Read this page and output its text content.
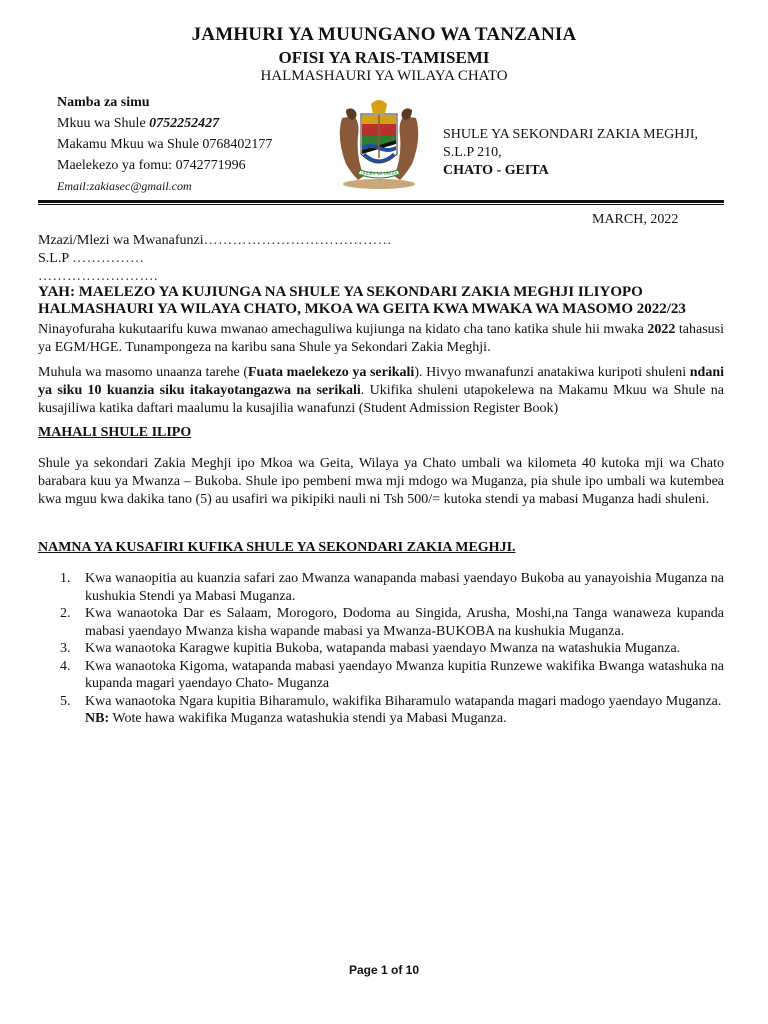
JAMHURI YA MUUNGANO WA TANZANIA
OFISI YA RAIS-TAMISEMI
HALMASHAURI YA WILAYA CHATO
Namba za simu
Mkuu wa Shule 0752252427
Makamu Mkuu wa Shule 0768402177
Maelekezo ya fomu: 0742771996
Email:zakiasec@gmail.com
UHURU NA UMOJA
SHULE YA SEKONDARI ZAKIA MEGHJI,
S.L.P 210,
CHATO - GEITA
MARCH, 2022
Mzazi/Mlezi wa Mwanafunzi…………………………………
S.L.P ……………
…………………….
YAH: MAELEZO YA KUJIUNGA NA SHULE YA SEKONDARI ZAKIA MEGHJI ILIYOPO
HALMASHAURI YA WILAYA CHATO, MKOA WA GEITA KWA MWAKA WA MASOMO 2022/23
Ninayofuraha kukutaarifu kuwa mwanao amechaguliwa kujiunga na kidato cha tano katika shule hii mwaka 2022 tahasusi ya EGM/HGE. Tunampongeza na karibu sana Shule ya Sekondari Zakia Meghji.
Muhula wa masomo unaanza tarehe (Fuata maelekezo ya serikali). Hivyo mwanafunzi anatakiwa kuripoti shuleni ndani ya siku 10 kuanzia siku itakayotangazwa na serikali. Ukifika shuleni utapokelewa na Makamu Mkuu wa Shule na kusajiliwa katika daftari maalumu la kusajilia wanafunzi (Student Admission Register Book)
MAHALI SHULE ILIPO
Shule ya sekondari Zakia Meghji ipo Mkoa wa Geita, Wilaya ya Chato umbali wa kilometa 40 kutoka mji wa Chato barabara kuu ya Mwanza – Bukoba. Shule ipo pembeni mwa mji mdogo wa Muganza, pia shule ipo umbali wa kutembea kwa mguu kwa dakika tano (5) au usafiri wa pikipiki nauli ni Tsh 500/= kutoka stendi ya mabasi Muganza hadi shuleni.
NAMNA YA KUSAFIRI KUFIKA SHULE YA SEKONDARI ZAKIA MEGHJI.
1. Kwa wanaopitia au kuanzia safari zao Mwanza wanapanda mabasi yaendayo Bukoba au yanayoishia Muganza na kushukia Stendi ya Mabasi Muganza.
2. Kwa wanaotoka Dar es Salaam, Morogoro, Dodoma au Singida, Arusha, Moshi,na Tanga wanaweza kupanda mabasi yaendayo Mwanza kisha wapande mabasi ya Mwanza-BUKOBA na kushukia Muganza.
3. Kwa wanaotoka Karagwe kupitia Bukoba, watapanda mabasi yaendayo Mwanza na watashukia Muganza.
4. Kwa wanaotoka Kigoma, watapanda mabasi yaendayo Mwanza kupitia Runzewe wakifika Bwanga watashuka na kupanda magari yaendayo Chato- Muganza
5. Kwa wanaotoka Ngara kupitia Biharamulo, wakifika Biharamulo watapanda magari madogo yaendayo Muganza.
NB: Wote hawa wakifika Muganza watashukia stendi ya Mabasi Muganza.
Page 1 of 10
